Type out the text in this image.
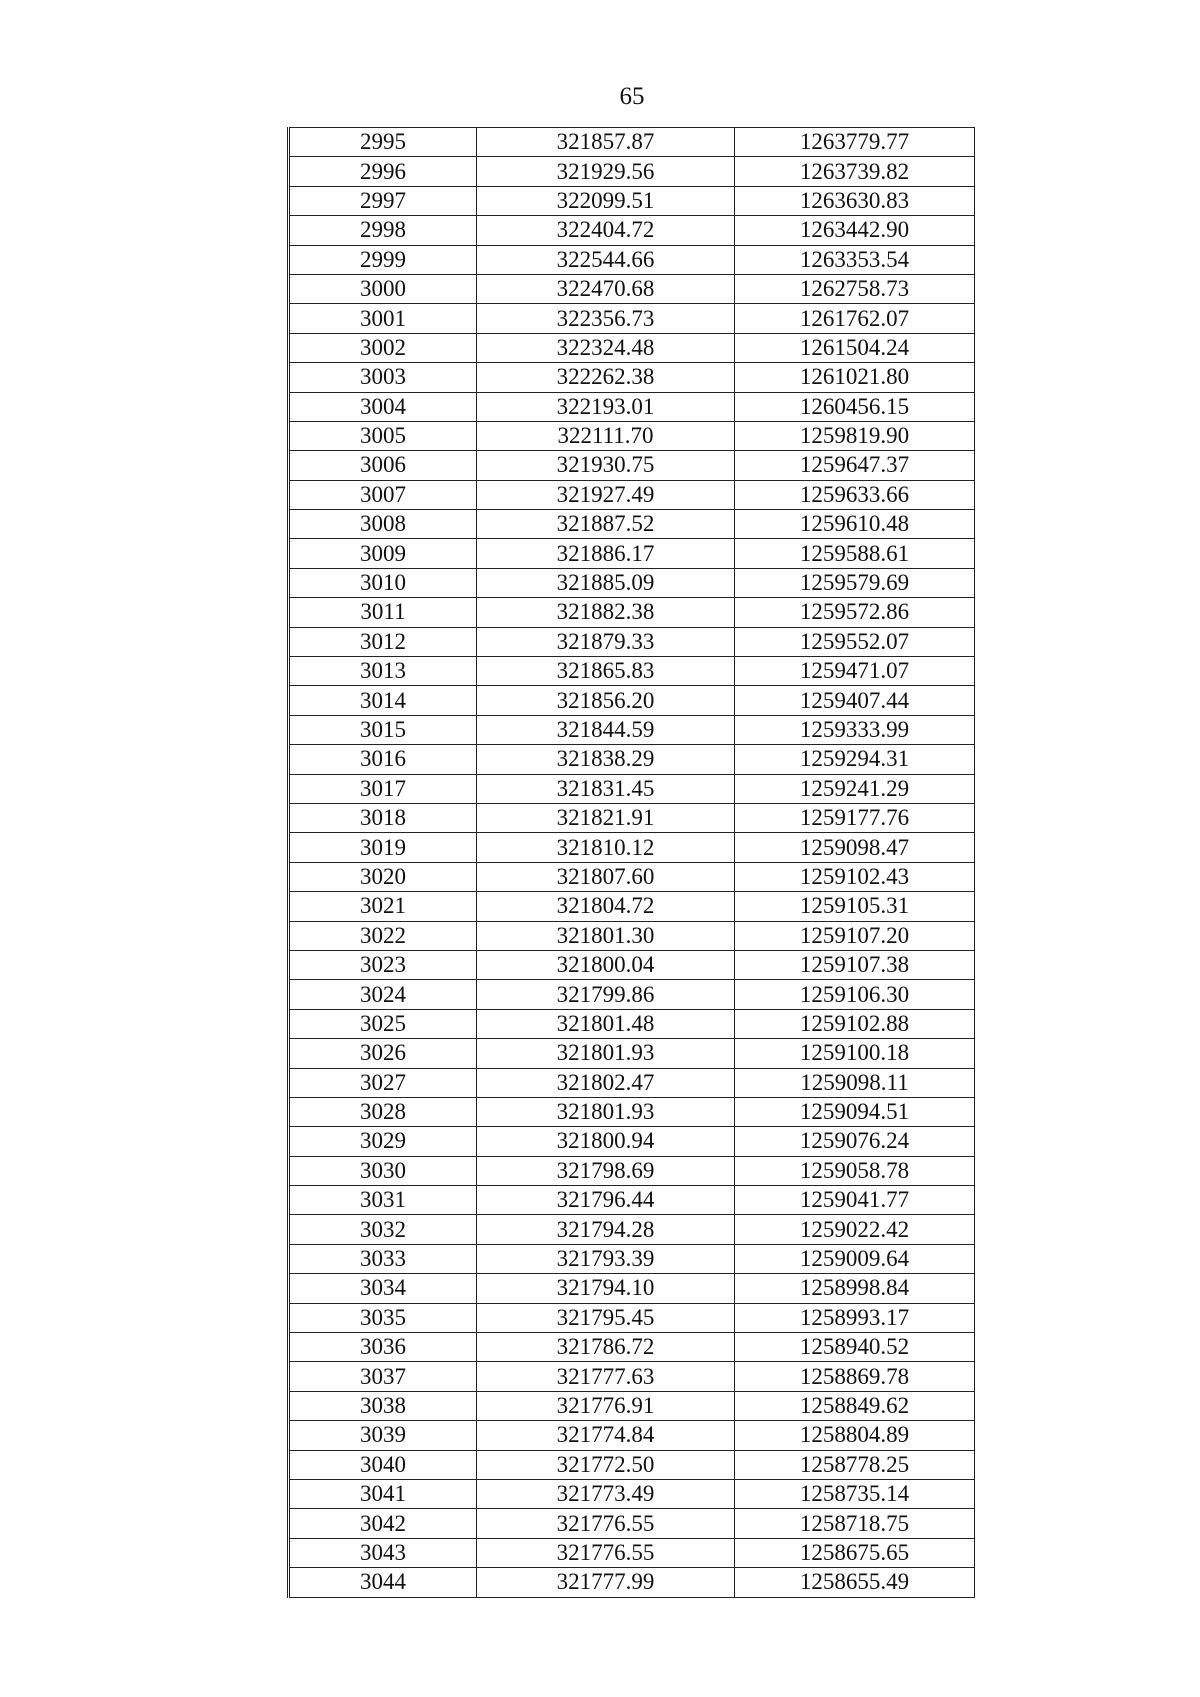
65
2995	321857.87	1263779.77
2996	321929.56	1263739.82
2997	322099.51	1263630.83
2998	322404.72	1263442.90
2999	322544.66	1263353.54
3000	322470.68	1262758.73
3001	322356.73	1261762.07
3002	322324.48	1261504.24
3003	322262.38	1261021.80
3004	322193.01	1260456.15
3005	322111.70	1259819.90
3006	321930.75	1259647.37
3007	321927.49	1259633.66
3008	321887.52	1259610.48
3009	321886.17	1259588.61
3010	321885.09	1259579.69
3011	321882.38	1259572.86
3012	321879.33	1259552.07
3013	321865.83	1259471.07
3014	321856.20	1259407.44
3015	321844.59	1259333.99
3016	321838.29	1259294.31
3017	321831.45	1259241.29
3018	321821.91	1259177.76
3019	321810.12	1259098.47
3020	321807.60	1259102.43
3021	321804.72	1259105.31
3022	321801.30	1259107.20
3023	321800.04	1259107.38
3024	321799.86	1259106.30
3025	321801.48	1259102.88
3026	321801.93	1259100.18
3027	321802.47	1259098.11
3028	321801.93	1259094.51
3029	321800.94	1259076.24
3030	321798.69	1259058.78
3031	321796.44	1259041.77
3032	321794.28	1259022.42
3033	321793.39	1259009.64
3034	321794.10	1258998.84
3035	321795.45	1258993.17
3036	321786.72	1258940.52
3037	321777.63	1258869.78
3038	321776.91	1258849.62
3039	321774.84	1258804.89
3040	321772.50	1258778.25
3041	321773.49	1258735.14
3042	321776.55	1258718.75
3043	321776.55	1258675.65
3044	321777.99	1258655.49
